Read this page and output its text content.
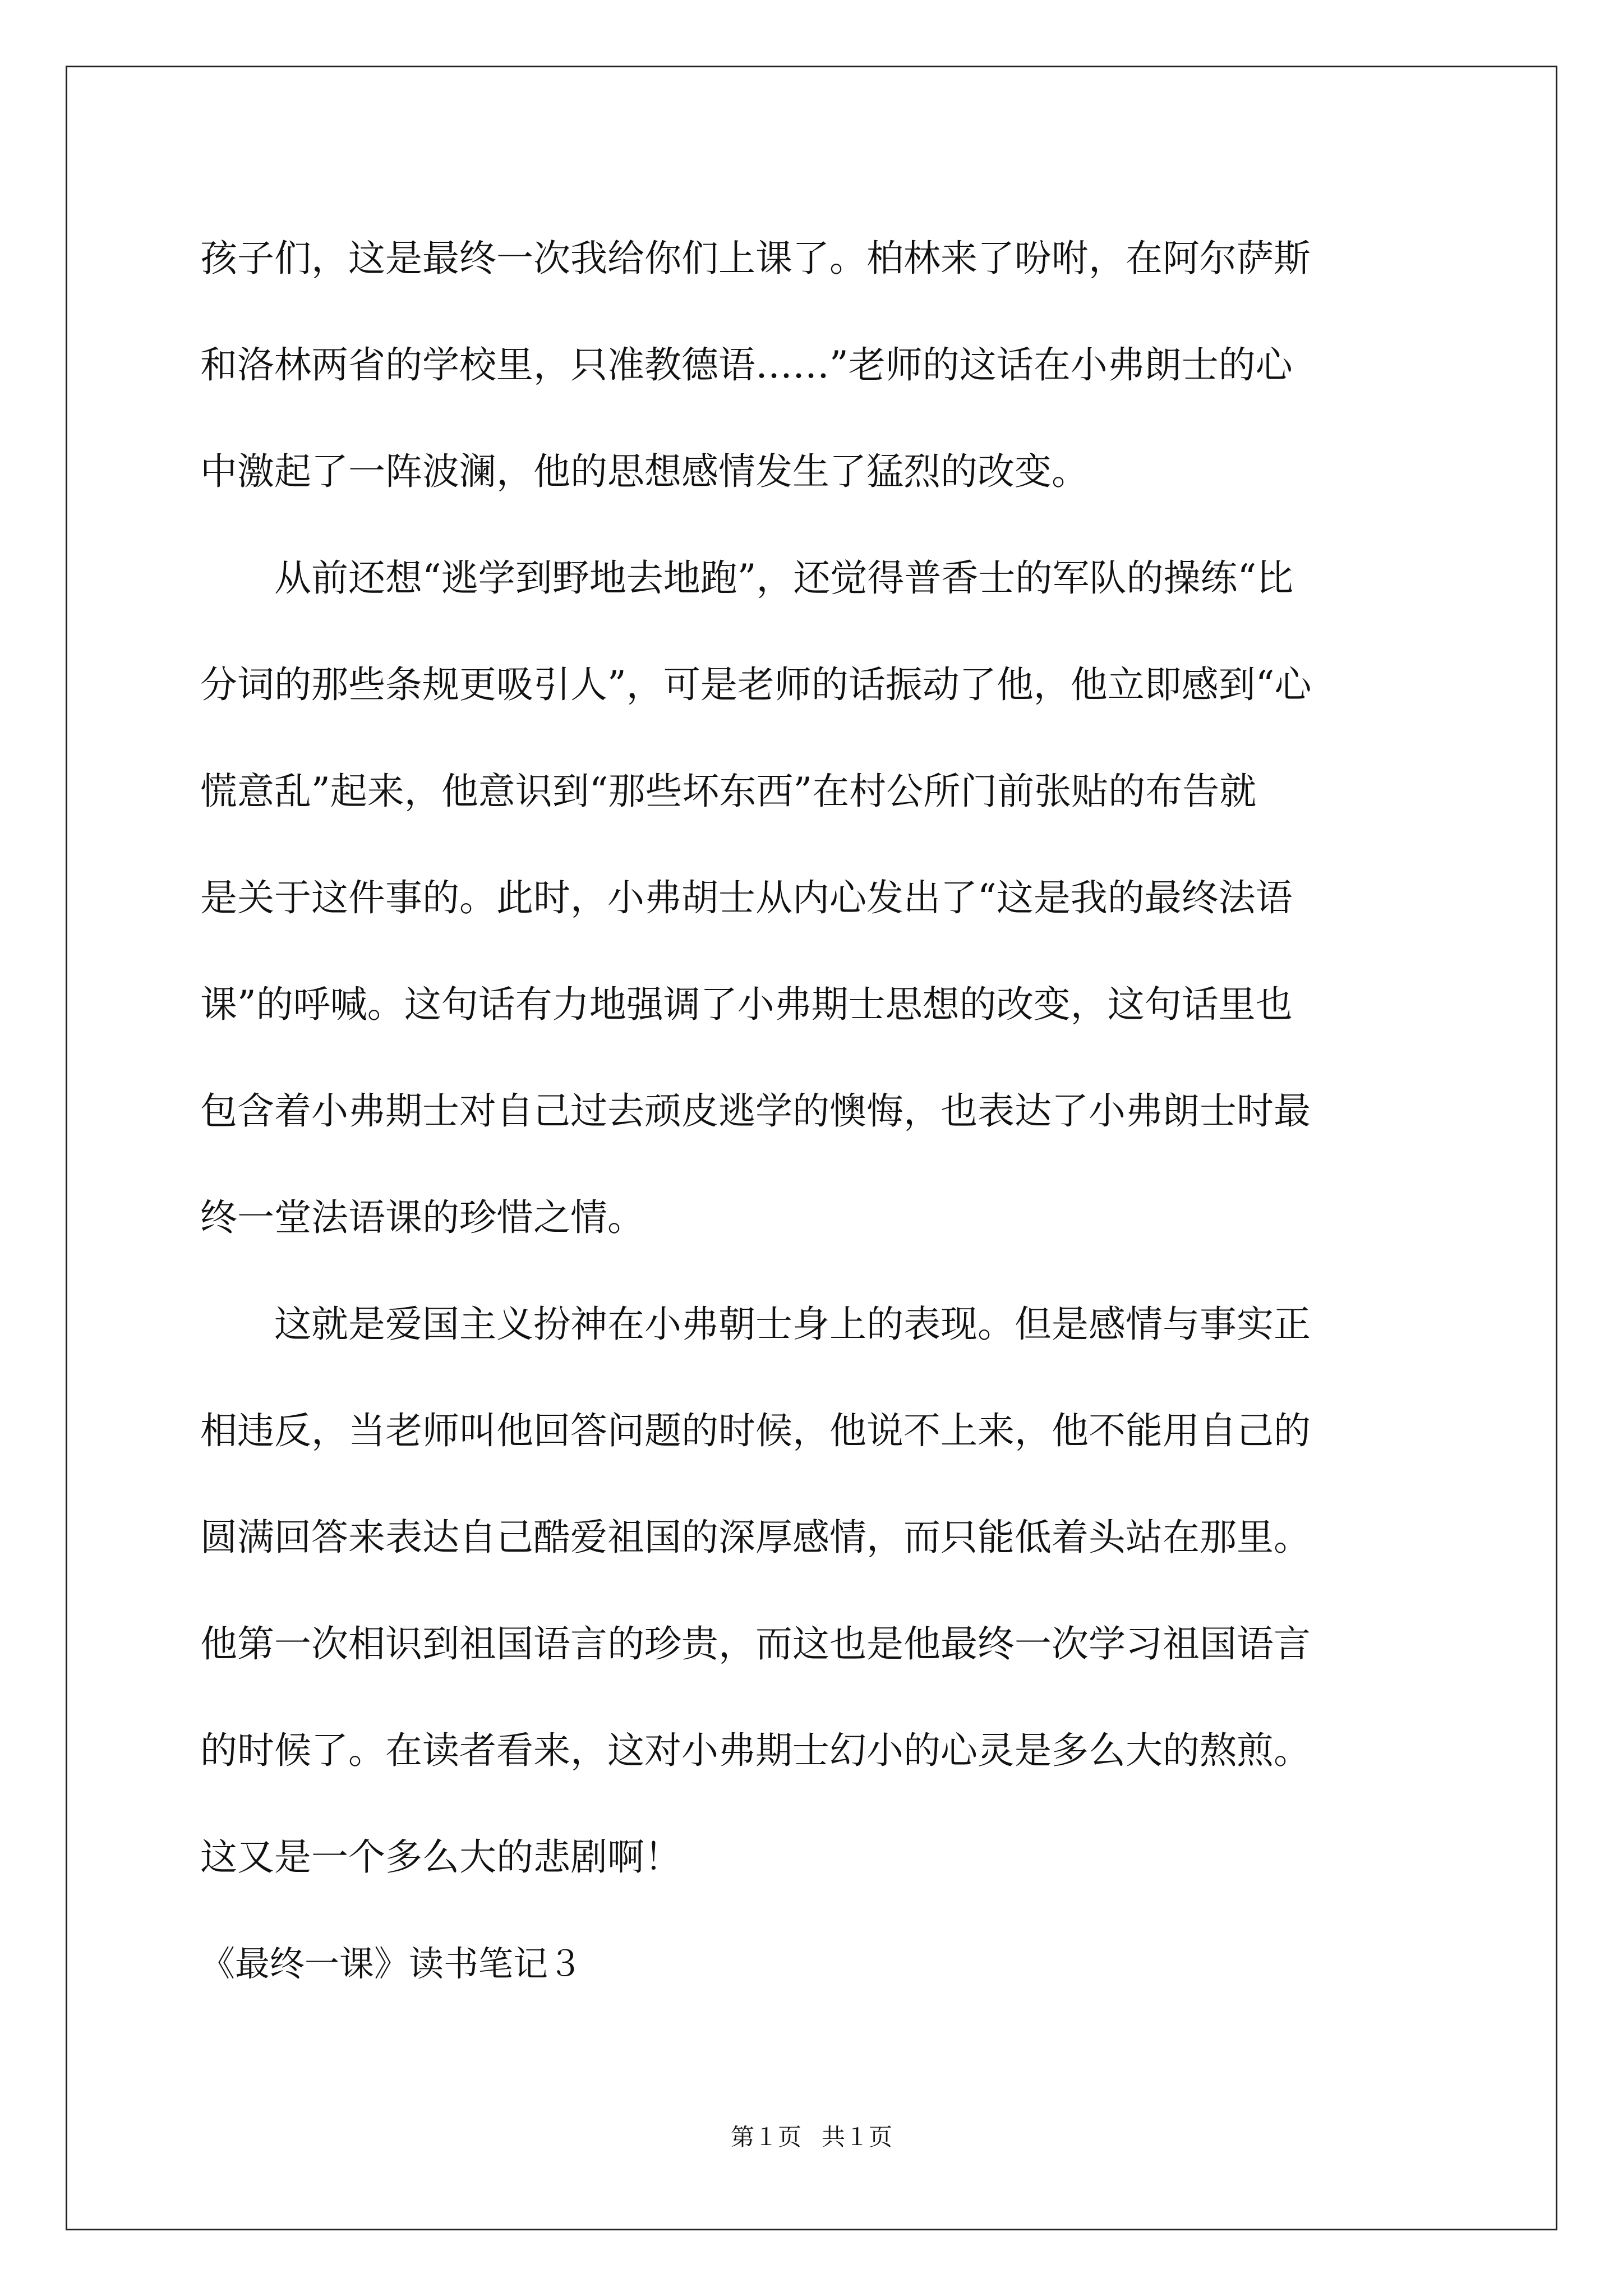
孩子们，这是最终一次我给你们上课了。柏林来了吩咐，在阿尔萨斯
和洛林两省的学校里，只准教德语……”老师的这话在小弗朗士的心
中激起了一阵波澜，他的思想感情发生了猛烈的改变。
　　从前还想“逃学到野地去地跑”，还觉得普香士的军队的操练“比
分词的那些条规更吸引人”，可是老师的话振动了他，他立即感到“心
慌意乱”起来，他意识到“那些坏东西”在村公所门前张贴的布告就
是关于这件事的。此时，小弗胡士从内心发出了“这是我的最终法语
课”的呼喊。这句话有力地强调了小弗期士思想的改变，这句话里也
包含着小弗期士对自己过去顽皮逃学的懊悔，也表达了小弗朗士时最
终一堂法语课的珍惜之情。
　　这就是爱国主义扮神在小弗朝士身上的表现。但是感情与事实正
相违反，当老师叫他回答问题的时候，他说不上来，他不能用自己的
圆满回答来表达自己酷爱祖国的深厚感情，而只能低着头站在那里。
他第一次相识到祖国语言的珍贵，而这也是他最终一次学习祖国语言
的时候了。在读者看来，这对小弗期士幻小的心灵是多么大的熬煎。
这又是一个多么大的悲剧啊！
《最终一课》读书笔记３
第１页 共１页
